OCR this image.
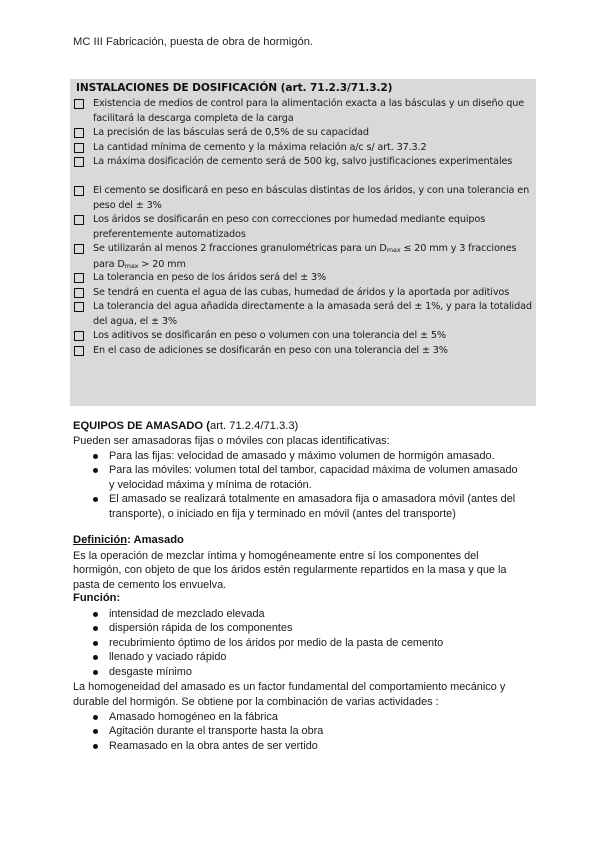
MC III Fabricación, puesta de obra de hormigón.
INSTALACIONES DE DOSIFICACIÓN (art. 71.2.3/71.3.2)
Existencia de medios de control para la alimentación exacta a las básculas y un diseño que facilitará la descarga completa de la carga
La precisión de las básculas será de 0,5% de su capacidad
La cantidad mínima de cemento y la máxima relación a/c s/ art. 37.3.2
La máxima dosificación de cemento será de 500 kg, salvo justificaciones experimentales
El cemento se dosificará en peso en básculas distintas de los áridos, y con una tolerancia en peso del ± 3%
Los áridos se dosificarán en peso con correcciones por humedad mediante equipos preferentemente automatizados
Se utilizarán al menos 2 fracciones granulométricas para un Dmax ≤ 20 mm y 3 fracciones para Dmax > 20 mm
La tolerancia en peso de los áridos será del ± 3%
Se tendrá en cuenta el agua de las cubas, humedad de áridos y la aportada por aditivos
La tolerancia del agua añadida directamente a la amasada será del ± 1%, y para la totalidad del agua, el ± 3%
Los aditivos se dosificarán en peso o volumen con una tolerancia del ± 5%
En el caso de adiciones se dosificarán en peso con una tolerancia del ± 3%
EQUIPOS DE AMASADO (art. 71.2.4/71.3.3)
Pueden ser amasadoras fijas o móviles con placas identificativas:
Para las fijas: velocidad de amasado y máximo volumen de hormigón amasado.
Para las móviles: volumen total del tambor, capacidad máxima de volumen amasado y velocidad máxima y mínima de rotación.
El amasado se realizará totalmente en amasadora fija o amasadora móvil (antes del transporte), o iniciado en fija y terminado en móvil (antes del transporte)
Definición: Amasado
Es la operación de mezclar íntima y homogéneamente entre sí los componentes del hormigón, con objeto de que los áridos estén regularmente repartidos en la masa y que la pasta de cemento los envuelva.
Función:
intensidad de mezclado elevada
dispersión rápida de los componentes
recubrimiento óptimo de los áridos por medio de la pasta de cemento
llenado y vaciado rápido
desgaste mínimo
La homogeneidad del amasado es un factor fundamental del comportamiento mecánico y durable del hormigón. Se obtiene por la combinación de varias actividades :
Amasado homogéneo en la fábrica
Agitación durante el transporte hasta la obra
Reamasado en la obra antes de ser vertido
